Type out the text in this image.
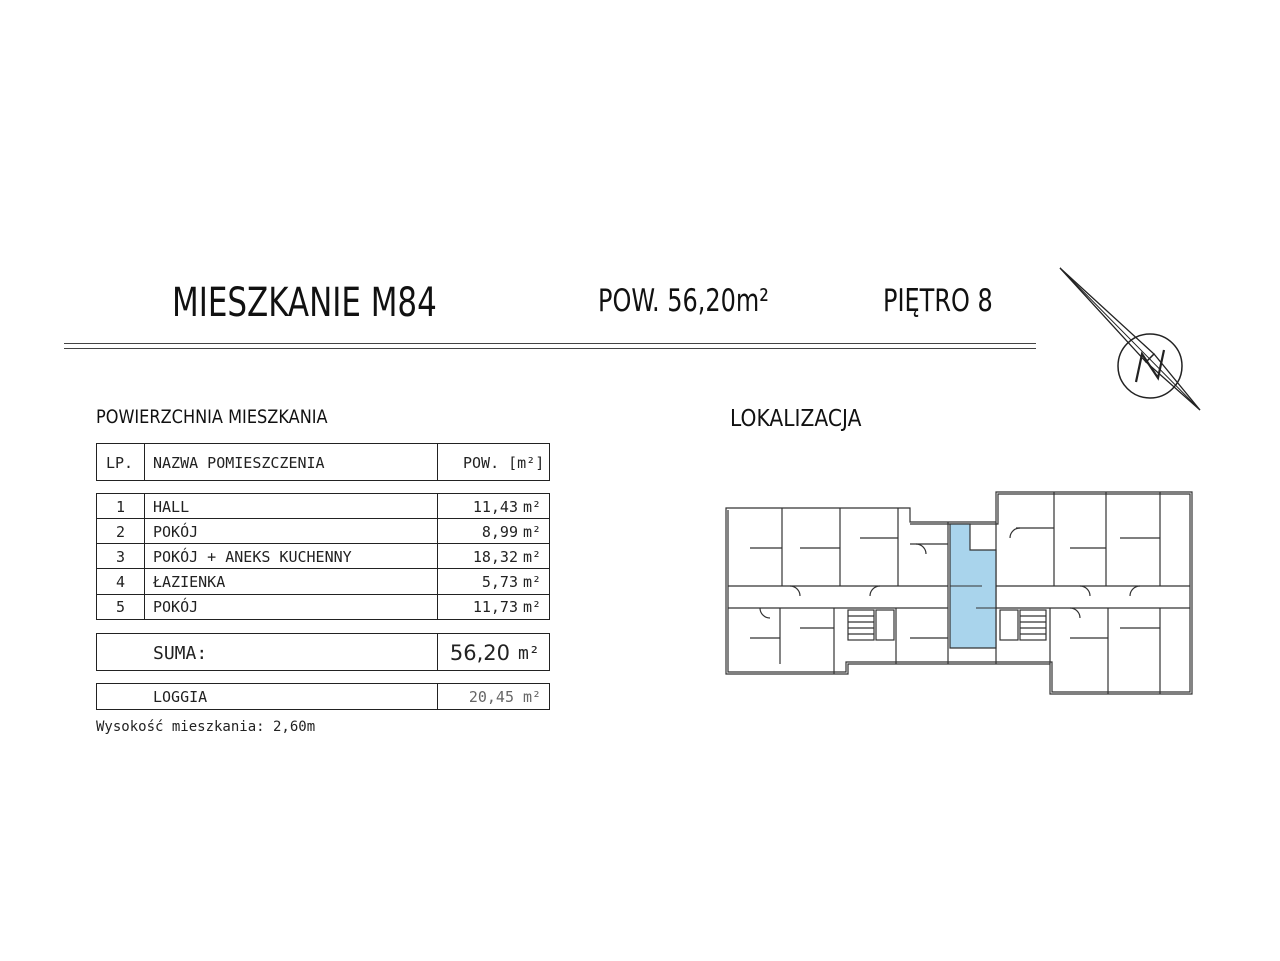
MIESZKANIE M84	POW. 56,20m²	PIĘTRO 8
N
POWIERZCHNIA MIESZKANIA
LP. NAZWA POMIESZCZENIA	POW. [m²]
1 HALL	11,43 m²
2 POKÓJ	8,99 m²
3 POKÓJ + ANEKS KUCHENNY	18,32 m²
4 ŁAZIENKA	5,73 m²
5 POKÓJ	11,73 m²
SUMA:	56,20 m²
LOGGIA	20,45 m²
Wysokość mieszkania: 2,60m
LOKALIZACJA
